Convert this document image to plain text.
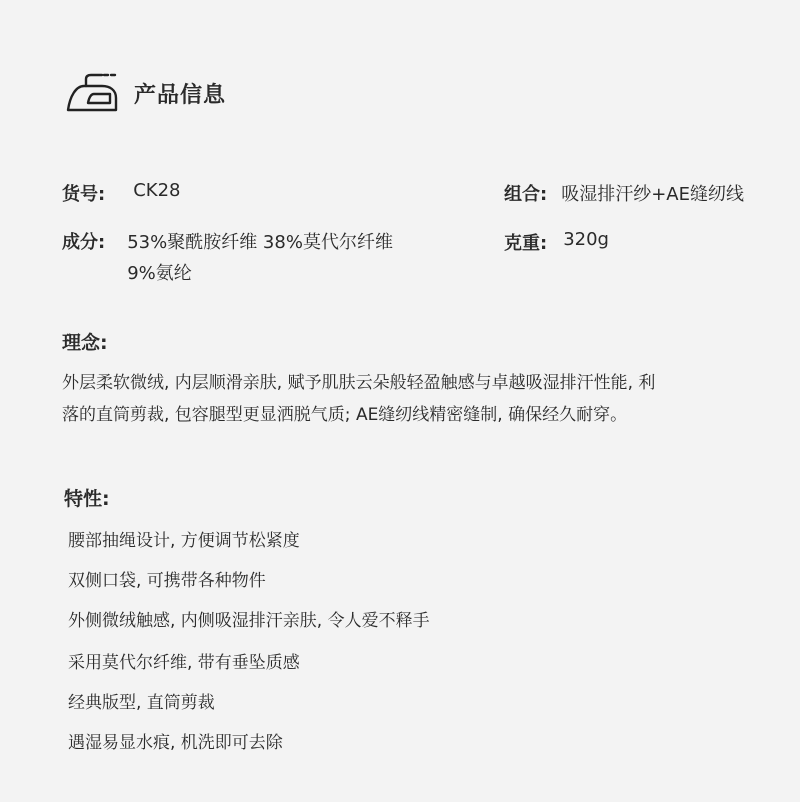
产品信息
货号: CK28	组合: 吸湿排汗纱+AE缝纫线
成分: 53%聚酰胺纤维 38%莫代尔纤维
9%氨纶
克重: 320g
理念:
外层柔软微绒, 内层顺滑亲肤, 赋予肌肤云朵般轻盈触感与卓越吸湿排汗性能, 利
落的直筒剪裁, 包容腿型更显洒脱气质; AE缝纫线精密缝制, 确保经久耐穿。
特性:
腰部抽绳设计, 方便调节松紧度
双侧口袋, 可携带各种物件
外侧微绒触感, 内侧吸湿排汗亲肤, 令人爱不释手
采用莫代尔纤维, 带有垂坠质感
经典版型, 直筒剪裁
遇湿易显水痕, 机洗即可去除
